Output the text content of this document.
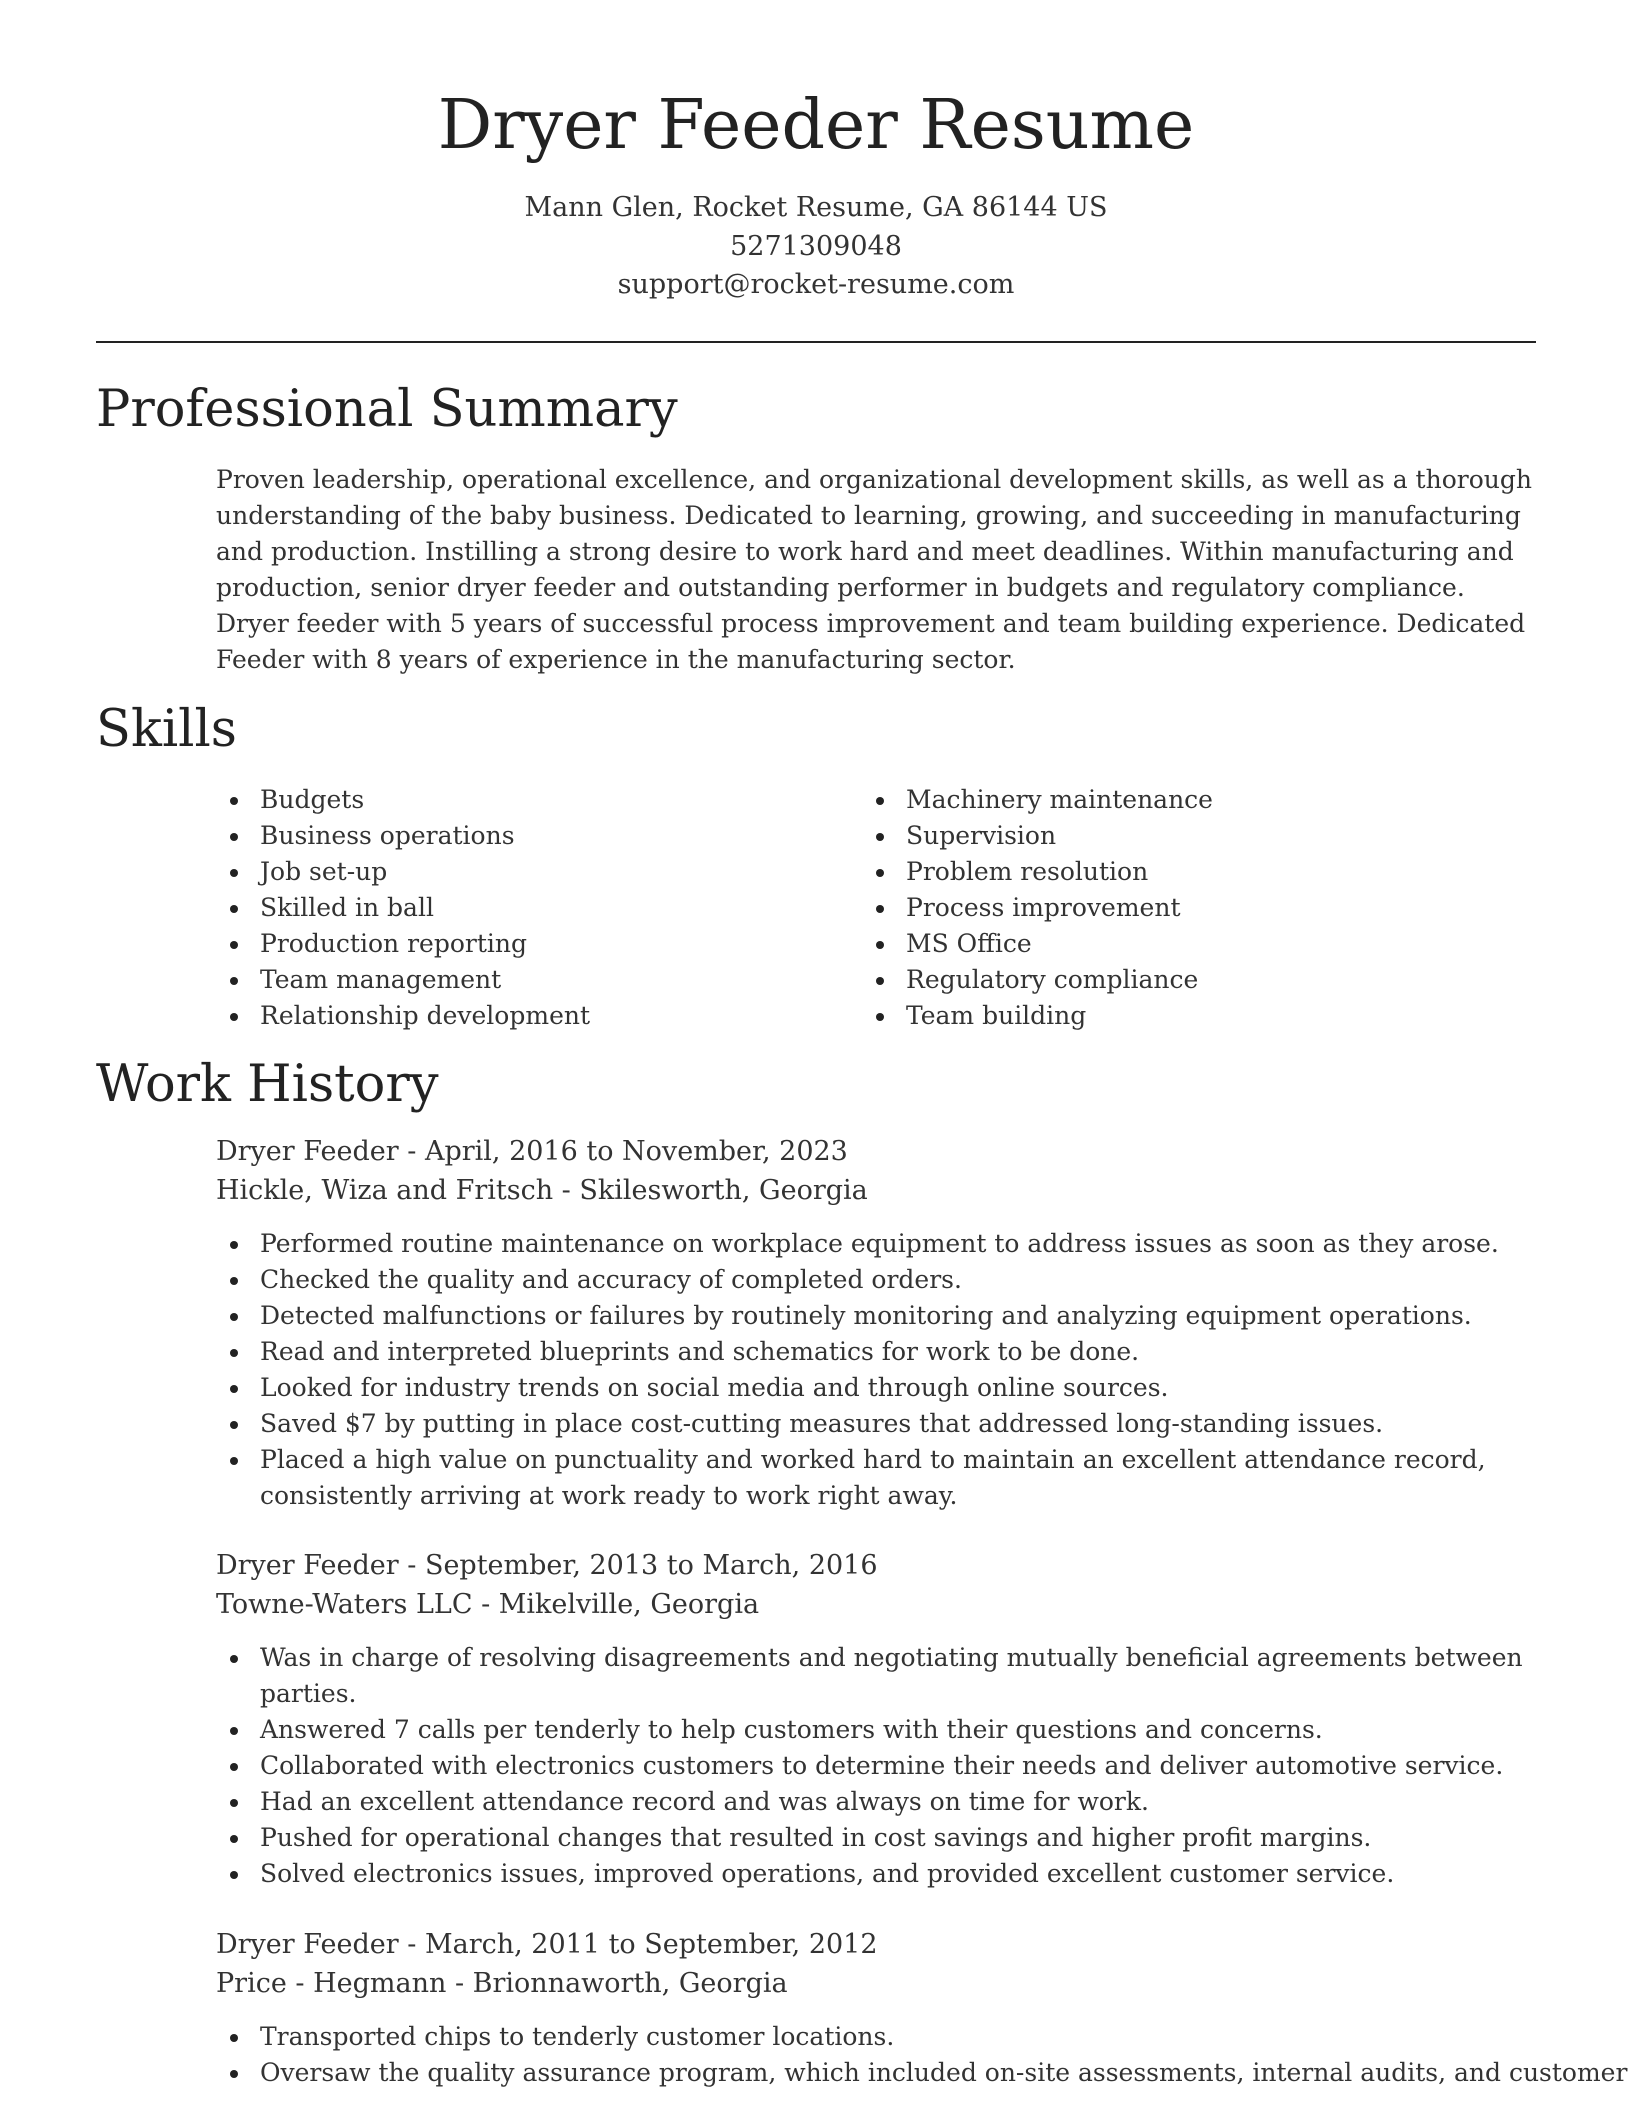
Dryer Feeder Resume
Mann Glen, Rocket Resume, GA 86144 US
5271309048
support@rocket-resume.com
Professional Summary

Proven leadership, operational excellence, and organizational development skills, as well as a thorough understanding of the baby business. Dedicated to learning, growing, and succeeding in manufacturing and production. Instilling a strong desire to work hard and meet deadlines. Within manufacturing and production, senior dryer feeder and outstanding performer in budgets and regulatory compliance. Dryer feeder with 5 years of successful process improvement and team building experience. Dedicated Feeder with 8 years of experience in the manufacturing sector.

Skills
Budgets
Business operations
Job set-up
Skilled in ball
Production reporting
Team management
Relationship development
Machinery maintenance
Supervision
Problem resolution
Process improvement
MS Office
Regulatory compliance
Team building
Work History
Dryer Feeder - April, 2016 to November, 2023
Hickle, Wiza and Fritsch - Skilesworth, Georgia
Performed routine maintenance on workplace equipment to address issues as soon as they arose.
Checked the quality and accuracy of completed orders.
Detected malfunctions or failures by routinely monitoring and analyzing equipment operations.
Read and interpreted blueprints and schematics for work to be done.
Looked for industry trends on social media and through online sources.
Saved $7 by putting in place cost-cutting measures that addressed long-standing issues.
Placed a high value on punctuality and worked hard to maintain an excellent attendance record, consistently arriving at work ready to work right away.
Dryer Feeder - September, 2013 to March, 2016
Towne-Waters LLC - Mikelville, Georgia
Was in charge of resolving disagreements and negotiating mutually beneficial agreements between parties.
Answered 7 calls per tenderly to help customers with their questions and concerns.
Collaborated with electronics customers to determine their needs and deliver automotive service.
Had an excellent attendance record and was always on time for work.
Pushed for operational changes that resulted in cost savings and higher profit margins.
Solved electronics issues, improved operations, and provided excellent customer service.
Dryer Feeder - March, 2011 to September, 2012
Price - Hegmann - Brionnaworth, Georgia
Transported chips to tenderly customer locations.
Oversaw the quality assurance program, which included on-site assessments, internal audits, and customer
